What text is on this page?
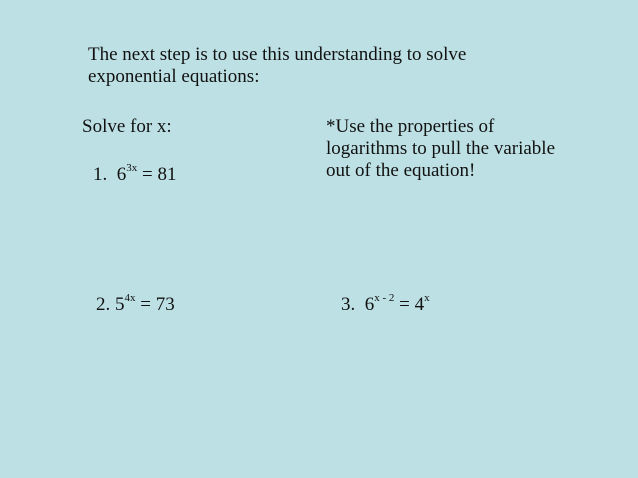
The next step is to use this understanding to solve
exponential equations:
Solve for x:	*Use the properties of
logarithms to pull the variable
out of the equation!
1. $6^{3x} = 81$
2. $5^{4x} = 73$	3. $6^{x - 2} = 4^x$
